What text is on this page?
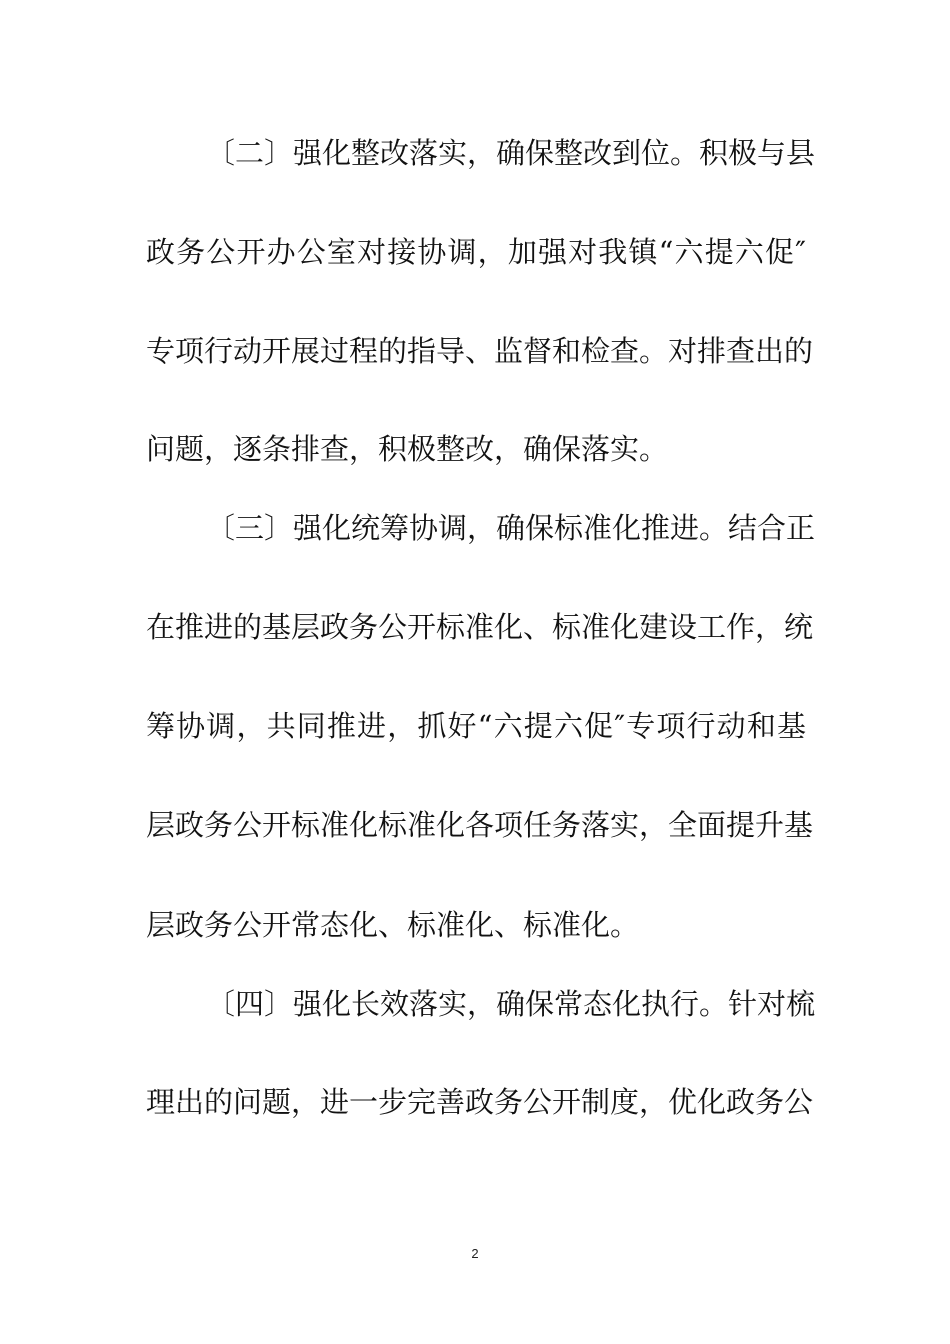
〔二〕强化整改落实，确保整改到位。积极与县
政务公开办公室对接协调，加强对我镇“六提六促″
专项行动开展过程的指导、监督和检查。对排查出的
问题，逐条排查，积极整改，确保落实。
〔三〕强化统筹协调，确保标准化推进。结合正
在推进的基层政务公开标准化、标准化建设工作，统
筹协调，共同推进，抓好“六提六促″专项行动和基
层政务公开标准化标准化各项任务落实，全面提升基
层政务公开常态化、标准化、标准化。
〔四〕强化长效落实，确保常态化执行。针对梳
理出的问题，进一步完善政务公开制度，优化政务公
2
